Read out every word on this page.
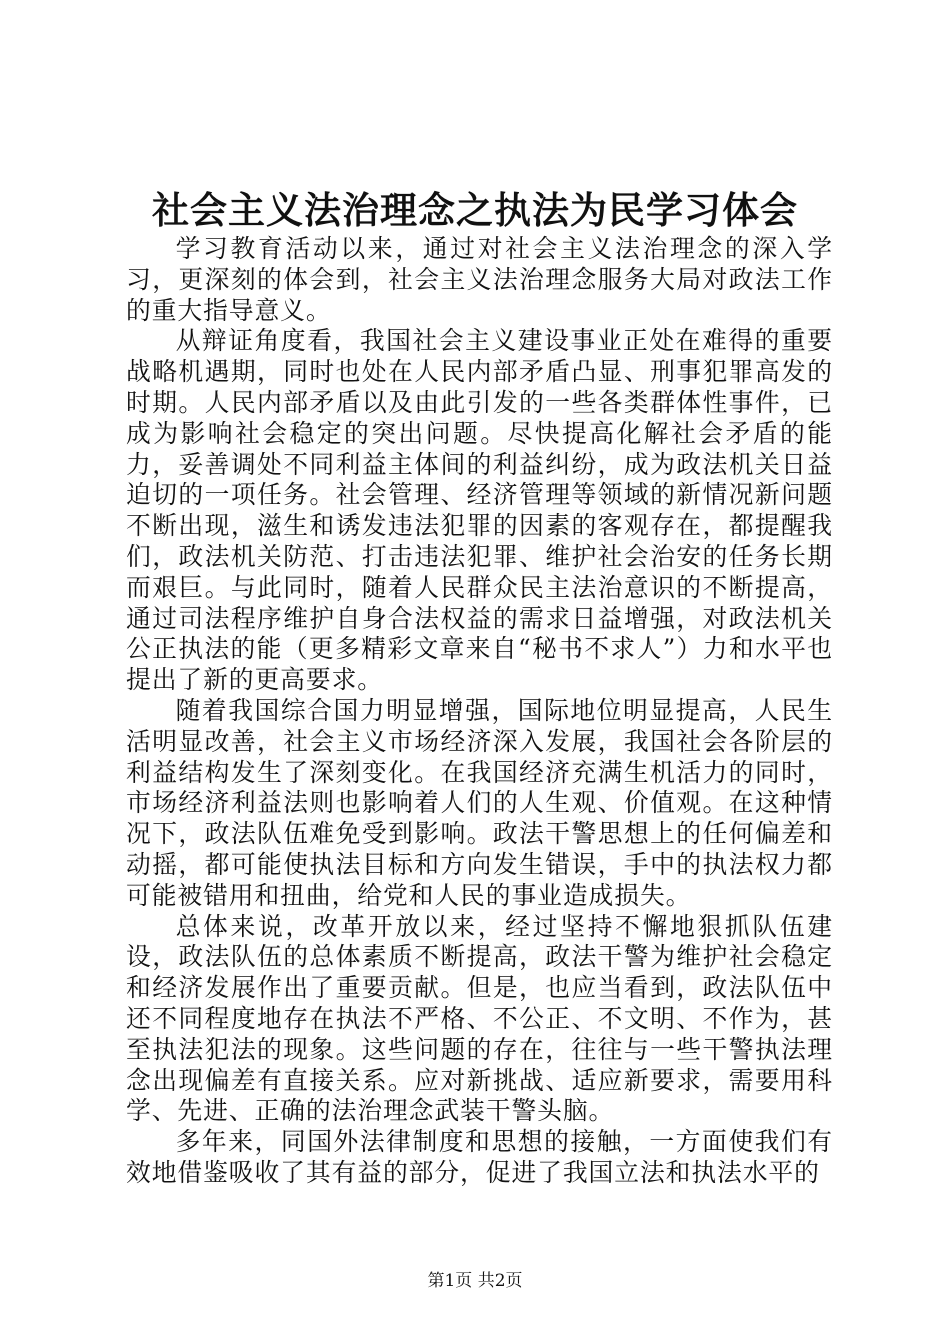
社会主义法治理念之执法为民学习体会

学习教育活动以来，通过对社会主义法治理念的深入学习，更深刻的体会到，社会主义法治理念服务大局对政法工作的重大指导意义。

从辩证角度看，我国社会主义建设事业正处在难得的重要战略机遇期，同时也处在人民内部矛盾凸显、刑事犯罪高发的时期。人民内部矛盾以及由此引发的一些各类群体性事件，已成为影响社会稳定的突出问题。尽快提高化解社会矛盾的能力，妥善调处不同利益主体间的利益纠纷，成为政法机关日益迫切的一项任务。社会管理、经济管理等领域的新情况新问题不断出现，滋生和诱发违法犯罪的因素的客观存在，都提醒我们，政法机关防范、打击违法犯罪、维护社会治安的任务长期而艰巨。与此同时，随着人民群众民主法治意识的不断提高，通过司法程序维护自身合法权益的需求日益增强，对政法机关公正执法的能（更多精彩文章来自“秘书不求人”）力和水平也提出了新的更高要求。

随着我国综合国力明显增强，国际地位明显提高，人民生活明显改善，社会主义市场经济深入发展，我国社会各阶层的利益结构发生了深刻变化。在我国经济充满生机活力的同时，市场经济利益法则也影响着人们的人生观、价值观。在这种情况下，政法队伍难免受到影响。政法干警思想上的任何偏差和动摇，都可能使执法目标和方向发生错误，手中的执法权力都可能被错用和扭曲，给党和人民的事业造成损失。

总体来说，改革开放以来，经过坚持不懈地狠抓队伍建设，政法队伍的总体素质不断提高，政法干警为维护社会稳定和经济发展作出了重要贡献。但是，也应当看到，政法队伍中还不同程度地存在执法不严格、不公正、不文明、不作为，甚至执法犯法的现象。这些问题的存在，往往与一些干警执法理念出现偏差有直接关系。应对新挑战、适应新要求，需要用科学、先进、正确的法治理念武装干警头脑。

多年来，同国外法律制度和思想的接触，一方面使我们有效地借鉴吸收了其有益的部分，促进了我国立法和执法水平的

第1页 共2页
